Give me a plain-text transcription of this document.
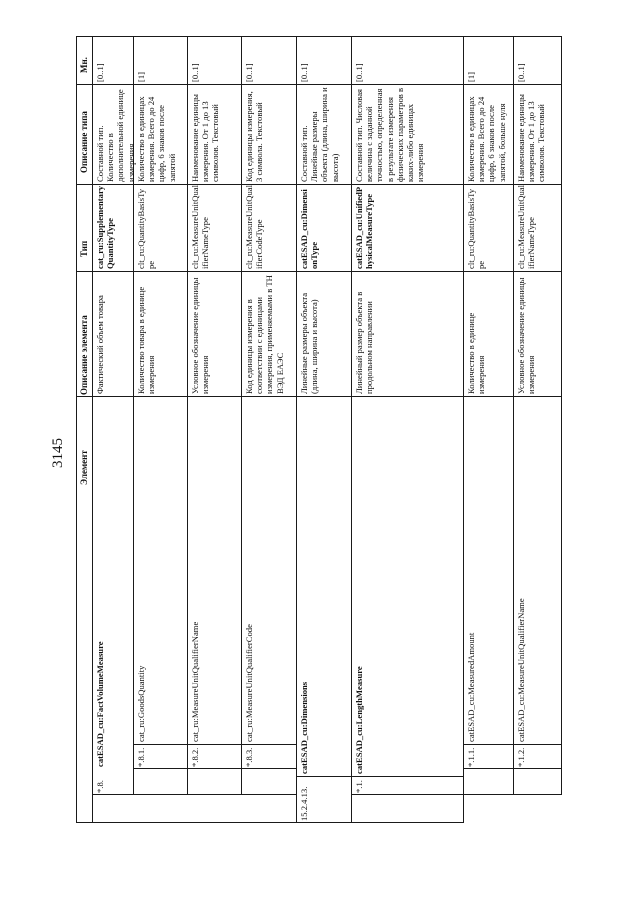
3145	Элемент
Описание элемента
Тип
Описание типа
Мн.
*.8.
catESAD_cu:FactVolumeMeasure
Фактический объем товара
cat_ru:SupplementaryQuantityType
Составной тип. Количество в дополнительной единице измерения
[0..1]
*.8.1.
cat_ru:GoodsQuantity
Количество товара в единице измерения
clt_ru:QuantityBasisType
Количество в единицах измерения. Всего до 24 цифр, 6 знаков после запятой
[1]
*.8.2.
cat_ru:MeasureUnitQualifierName
Условное обозначение единицы измерения
clt_ru:MeasureUnitQualifierNameType
Наименование единицы измерения. От 1 до 13 символов. Текстовый
[0..1]
*.8.3.
cat_ru:MeasureUnitQualifierCode
Код единицы измерения в соответствии с единицами измерения, применяемыми в ТН ВЭД ЕАЭС
clt_ru:MeasureUnitQualifierCodeType
Код единицы измерения, 3 символа. Текстовый
[0..1]
15.2.4.13.
catESAD_cu:Dimensions
Линейные размеры объекта (длина, ширина и высота)
catESAD_cu:DimensionType
Составной тип. Линейные размеры объекта (длина, ширина и высота)
[0..1]
*.1.
catESAD_cu:LengthMeasure
Линейный размер объекта в продольном направлении
catESAD_cu:UnifiedPhysicalMeasureType
Составной тип. Числовая величина с заданной точностью, определенная в результате измерения физических параметров в каких-либо единицах измерения
[0..1]
*.1.1.
catESAD_cu:MeasuredAmount
Количество в единице измерения
clt_ru:QuantityBasisType
Количество в единицах измерения. Всего до 24 цифр, 6 знаков после запятой, больше нуля
[1]
*.1.2.
catESAD_cu:MeasureUnitQualifierName
Условное обозначение единицы измерения
clt_ru:MeasureUnitQualifierNameType
Наименование единицы измерения. От 1 до 13 символов. Текстовый
[0..1]
